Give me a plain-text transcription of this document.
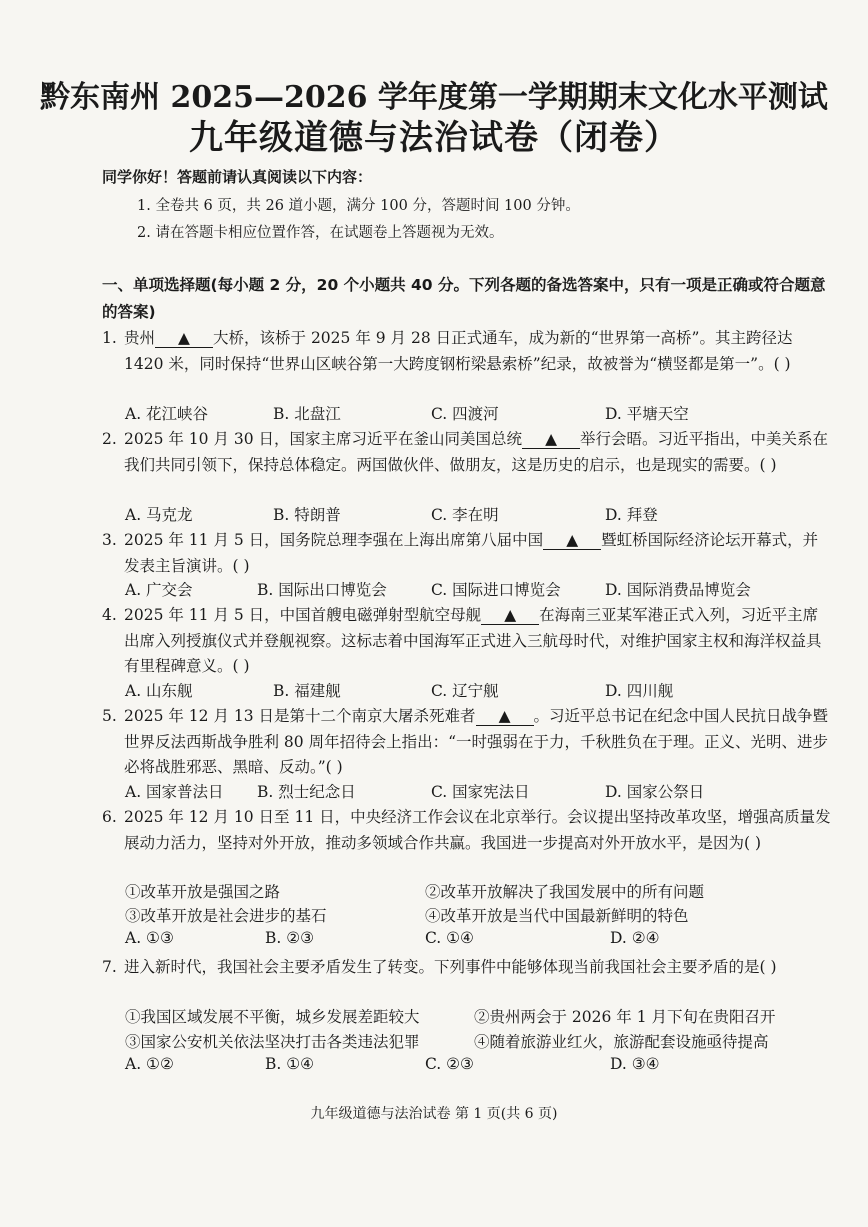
黔东南州 2025—2026 学年度第一学期期末文化水平测试
九年级道德与法治试卷（闭卷）
同学你好！答题前请认真阅读以下内容：
1. 全卷共 6 页，共 26 道小题，满分 100 分，答题时间 100 分钟。
2. 请在答题卡相应位置作答，在试题卷上答题视为无效。
一、单项选择题(每小题 2 分，20 个小题共 40 分。下列各题的备选答案中，只有一项是正确或符合题意的答案)
1. 贵州 ▲ 大桥，该桥于 2025 年 9 月 28 日正式通车，成为新的“世界第一高桥”。其主跨径达 1420 米，同时保持“世界山区峡谷第一大跨度钢桁梁悬索桥”纪录，故被誉为“横竖都是第一”。( )
A. 花江峡谷	B. 北盘江	C. 四渡河	D. 平塘天空
2. 2025 年 10 月 30 日，国家主席习近平在釜山同美国总统 ▲ 举行会晤。习近平指出，中美关系在我们共同引领下，保持总体稳定。两国做伙伴、做朋友，这是历史的启示，也是现实的需要。( )
A. 马克龙	B. 特朗普	C. 李在明	D. 拜登
3. 2025 年 11 月 5 日，国务院总理李强在上海出席第八届中国 ▲ 暨虹桥国际经济论坛开幕式，并发表主旨演讲。( )
A. 广交会	B. 国际出口博览会	C. 国际进口博览会	D. 国际消费品博览会
4. 2025 年 11 月 5 日，中国首艘电磁弹射型航空母舰 ▲ 在海南三亚某军港正式入列，习近平主席出席入列授旗仪式并登舰视察。这标志着中国海军正式进入三航母时代，对维护国家主权和海洋权益具有里程碑意义。( )
A. 山东舰	B. 福建舰	C. 辽宁舰	D. 四川舰
5. 2025 年 12 月 13 日是第十二个南京大屠杀死难者 ▲ 。习近平总书记在纪念中国人民抗日战争暨世界反法西斯战争胜利 80 周年招待会上指出：“一时强弱在于力，千秋胜负在于理。正义、光明、进步必将战胜邪恶、黑暗、反动。”( )
A. 国家普法日 B. 烈士纪念日	C. 国家宪法日	D. 国家公祭日
6. 2025 年 12 月 10 日至 11 日，中央经济工作会议在北京举行。会议提出坚持改革攻坚，增强高质量发展动力活力，坚持对外开放，推动多领域合作共赢。我国进一步提高对外开放水平，是因为( )
①改革开放是强国之路	②改革开放解决了我国发展中的所有问题
③改革开放是社会进步的基石	④改革开放是当代中国最新鲜明的特色
A. ①③	B. ②③	C. ①④	D. ②④
7. 进入新时代，我国社会主要矛盾发生了转变。下列事件中能够体现当前我国社会主要矛盾的是( )
①我国区域发展不平衡，城乡发展差距较大	②贵州两会于 2026 年 1 月下旬在贵阳召开
③国家公安机关依法坚决打击各类违法犯罪	④随着旅游业红火，旅游配套设施亟待提高
A. ①②	B. ①④	C. ②③	D. ③④
九年级道德与法治试卷 第 1 页(共 6 页)
